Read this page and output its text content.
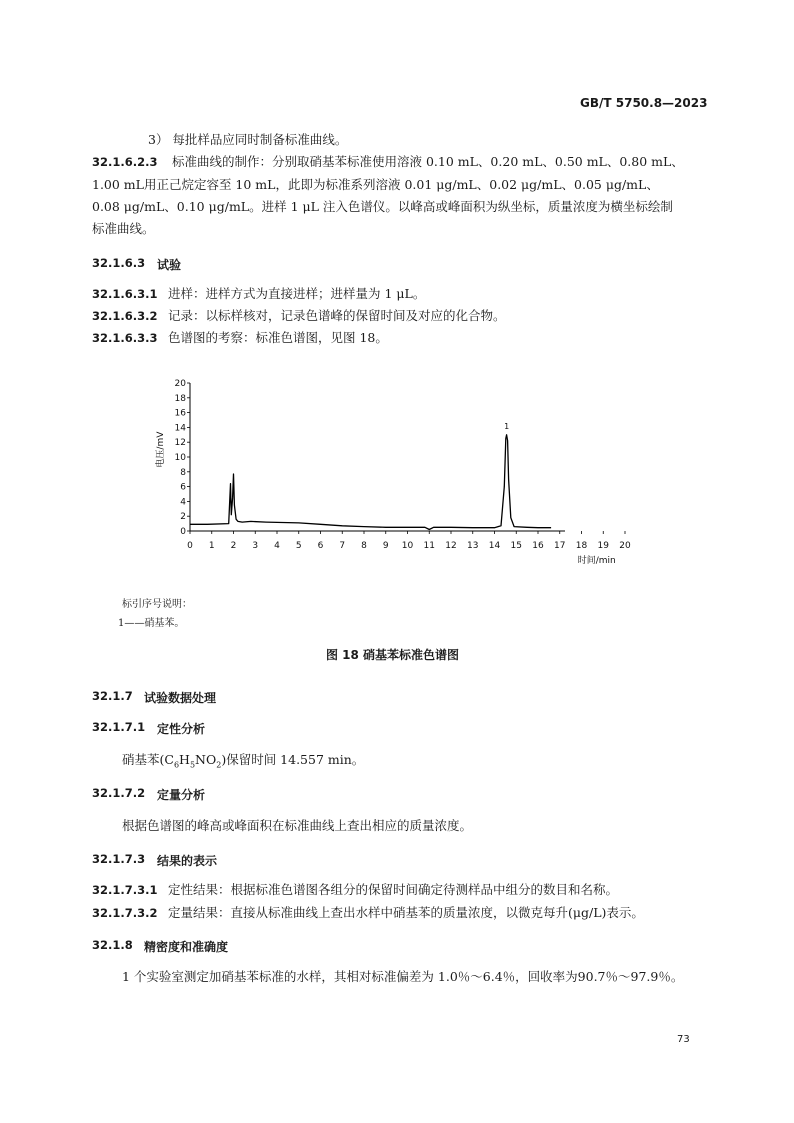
GB/T 5750.8—2023
3） 每批样品应同时制备标准曲线。
32.1.6.2.3 标准曲线的制作：分别取硝基苯标准使用溶液 0.10 mL、0.20 mL、0.50 mL、0.80 mL、
1.00 mL用正己烷定容至 10 mL，此即为标准系列溶液 0.01 μg/mL、0.02 μg/mL、0.05 μg/mL、
0.08 μg/mL、0.10 μg/mL。进样 1 μL 注入色谱仪。以峰高或峰面积为纵坐标，质量浓度为横坐标绘制
标准曲线。
32.1.6.3 试验
32.1.6.3.1 进样：进样方式为直接进样；进样量为 1 μL。
32.1.6.3.2 记录：以标样核对，记录色谱峰的保留时间及对应的化合物。
32.1.6.3.3 色谱图的考察：标准色谱图，见图 18。
0
2
4
6
8
10
12
14
16
18
20
0 1 2 3 4 5 6 7 8 9 10 11 12 13 14 15 16 17 18 19 20
时间/min
电压/mV
1
标引序号说明：
1——硝基苯。
图 18 硝基苯标准色谱图
32.1.7 试验数据处理
32.1.7.1 定性分析
硝基苯$(C_6H_5NO_2)$保留时间 14.557 min。
32.1.7.2 定量分析
根据色谱图的峰高或峰面积在标准曲线上查出相应的质量浓度。
32.1.7.3 结果的表示
32.1.7.3.1 定性结果：根据标准色谱图各组分的保留时间确定待测样品中组分的数目和名称。
32.1.7.3.2 定量结果：直接从标准曲线上查出水样中硝基苯的质量浓度，以微克每升(μg/L)表示。
32.1.8 精密度和准确度
1 个实验室测定加硝基苯标准的水样，其相对标准偏差为 1.0％～6.4％，回收率为90.7％～97.9％。
73
